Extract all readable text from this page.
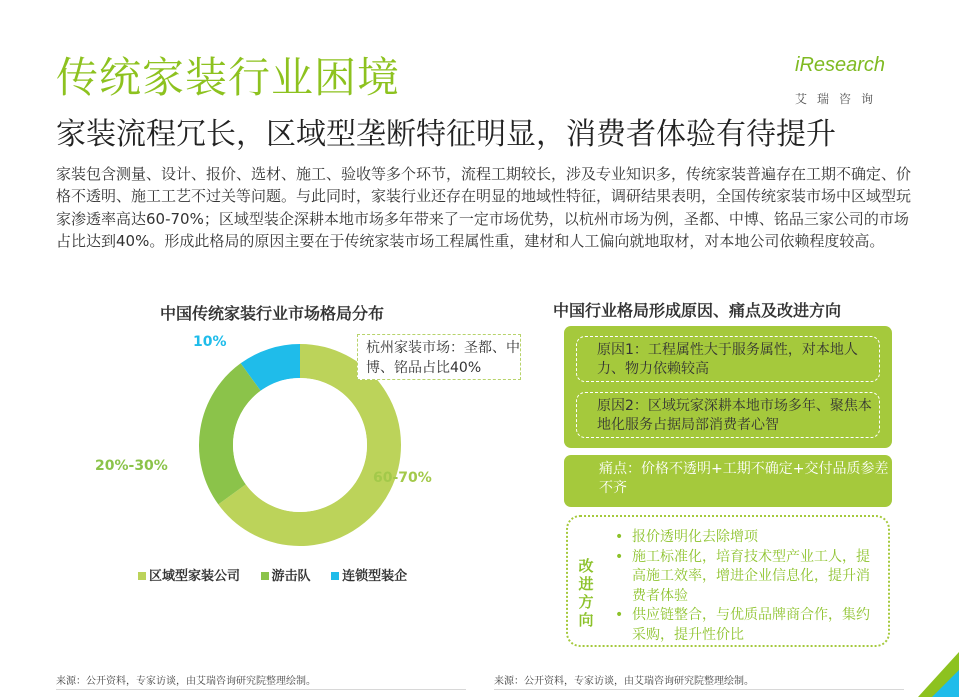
传统家装行业困境
家装流程冗长，区域型垄断特征明显，消费者体验有待提升
iResearch
艾瑞咨询
家装包含测量、设计、报价、选材、施工、验收等多个环节，流程工期较长，涉及专业知识多，传统家装普遍存在工期不确定、价格不透明、施工工艺不过关等问题。与此同时，家装行业还存在明显的地域性特征，调研结果表明，全国传统家装市场中区域型玩家渗透率高达60-70%；区域型装企深耕本地市场多年带来了一定市场优势，以杭州市场为例，圣都、中博、铭品三家公司的市场占比达到40%。形成此格局的原因主要在于传统家装市场工程属性重，建材和人工偏向就地取材，对本地公司依赖程度较高。
中国传统家装行业市场格局分布
10%
20%-30%
60-70%
杭州家装市场：圣都、中博、铭品占比40%
区域型家装公司 游击队 连锁型装企
中国行业格局形成原因、痛点及改进方向
原因1：工程属性大于服务属性，对本地人力、物力依赖较高
原因2：区域玩家深耕本地市场多年、聚焦本地化服务占据局部消费者心智
痛点：价格不透明+工期不确定+交付品质参差不齐
改进方向
• 报价透明化去除增项
• 施工标准化，培育技术型产业工人，提高施工效率，增进企业信息化，提升消费者体验
• 供应链整合，与优质品牌商合作，集约采购，提升性价比
来源：公开资料，专家访谈，由艾瑞咨询研究院整理绘制。	来源：公开资料，专家访谈，由艾瑞咨询研究院整理绘制。
